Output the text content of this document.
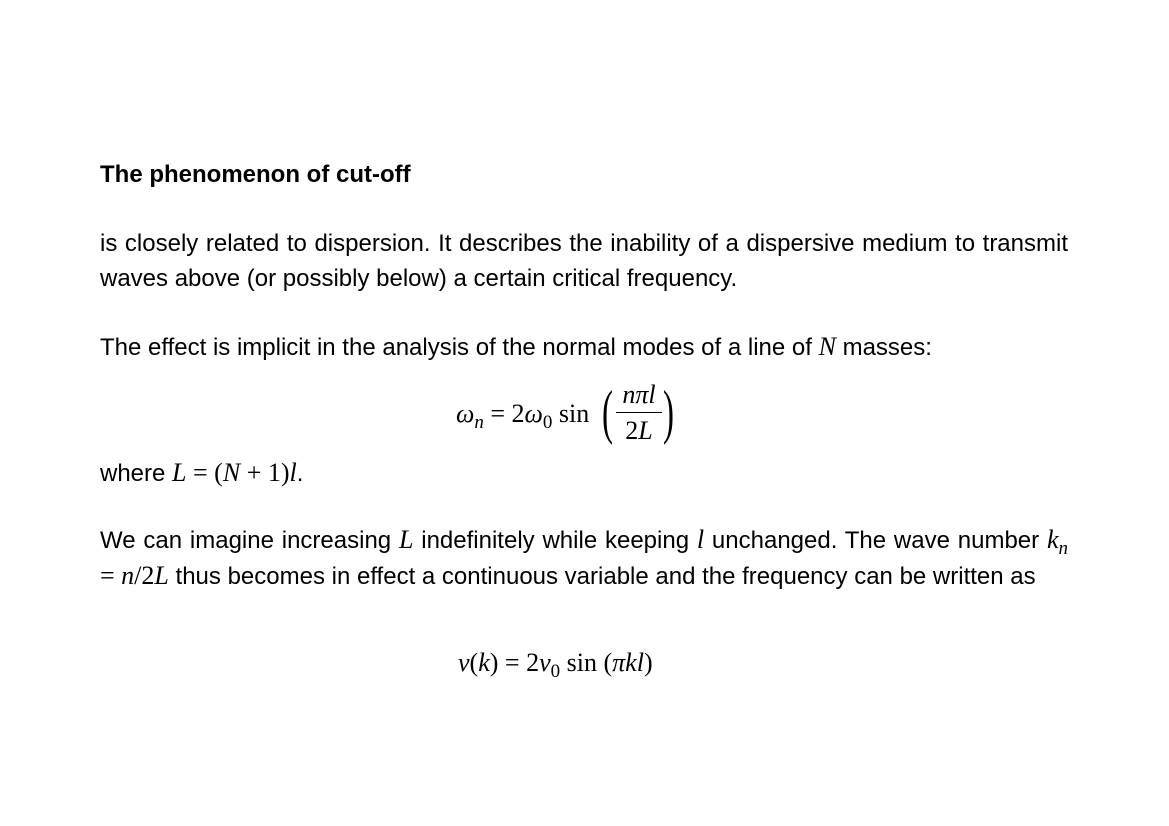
The phenomenon of cut-off

is closely related to dispersion. It describes the inability of a dispersive medium to transmit waves above (or possibly below) a certain critical frequency.

The effect is implicit in the analysis of the normal modes of a line of N masses:

$\omega_n = 2\omega_0$ sin ( nπl
2L )

where L = (N + 1)l.

We can imagine increasing L indefinitely while keeping l unchanged. The wave number $k_n = n/2L$ thus becomes in effect a continuous variable and the frequency can be written as

$\nu(k) = 2\nu_0$ sin (πkl)
